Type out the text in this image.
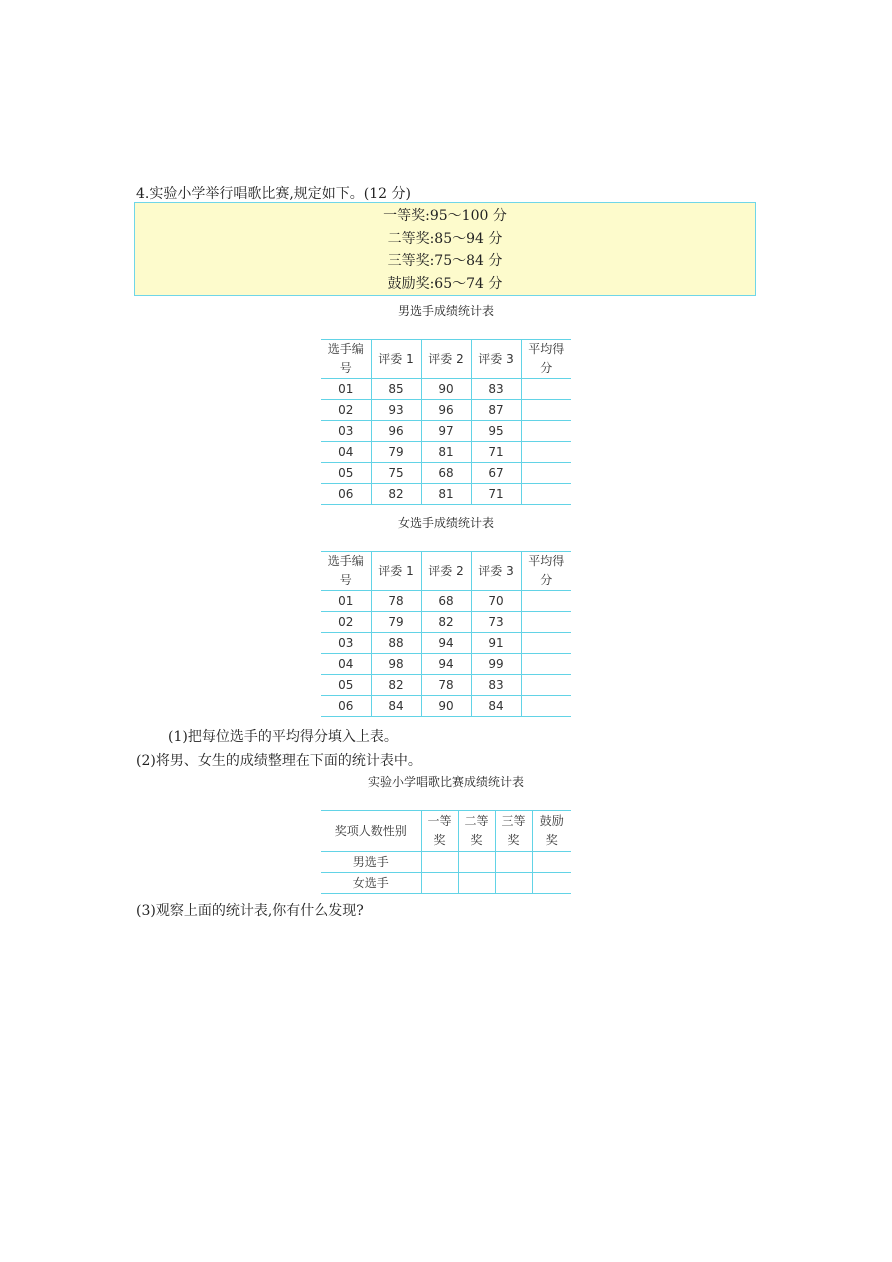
4.实验小学举行唱歌比赛,规定如下。(12 分)
一等奖:95～100 分
二等奖:85～94 分
三等奖:75～84 分
鼓励奖:65～74 分
男选手成绩统计表
选手编号	评委 1	评委 2	评委 3	平均得分
01	85	90	83	
02	93	96	87	
03	96	97	95	
04	79	81	71	
05	75	68	67	
06	82	81	71	
女选手成绩统计表
选手编号	评委 1	评委 2	评委 3	平均得分
01	78	68	70	
02	79	82	73	
03	88	94	91	
04	98	94	99	
05	82	78	83	
06	84	90	84	
(1)把每位选手的平均得分填入上表。
(2)将男、女生的成绩整理在下面的统计表中。
实验小学唱歌比赛成绩统计表
奖项人数性别	一等奖	二等奖	三等奖	鼓励奖
男选手				
女选手				
(3)观察上面的统计表,你有什么发现?
